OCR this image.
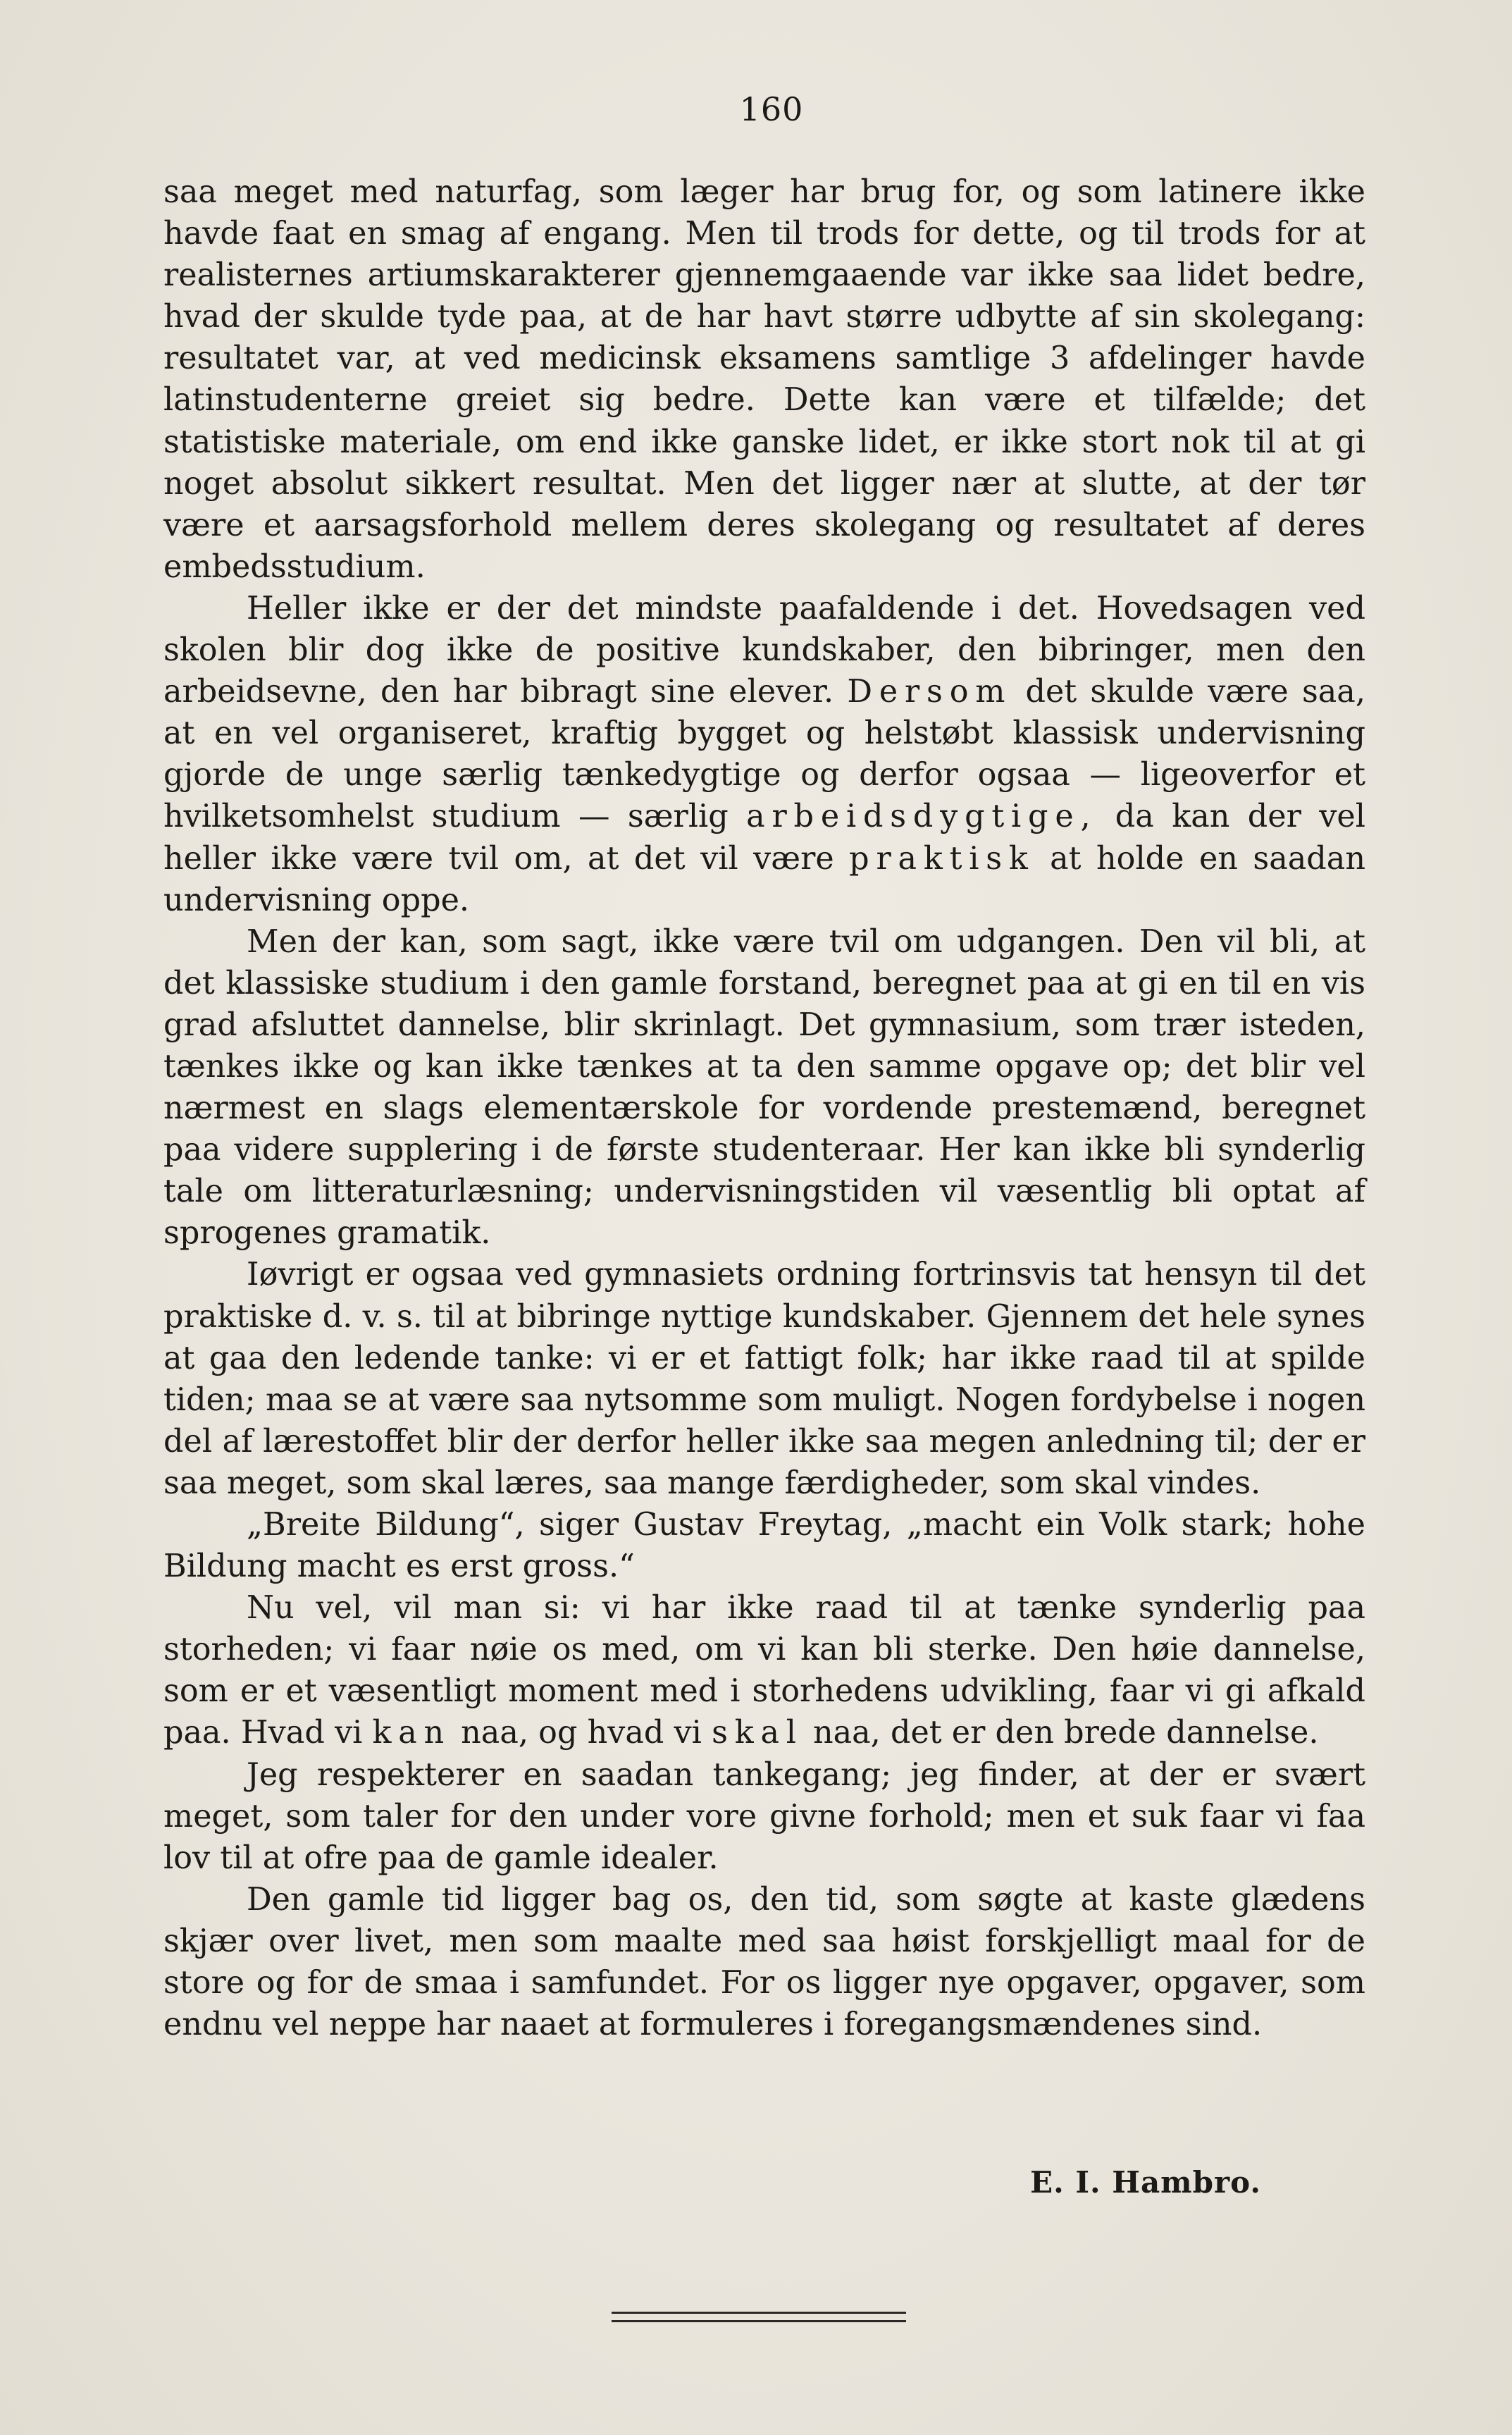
160

saa meget med naturfag, som læger har brug for, og som latinere ikke havde faat en smag af engang. Men til trods for dette, og til trods for at realisternes artiumskarakterer gjennemgaaende var ikke saa lidet bedre, hvad der skulde tyde paa, at de har havt større udbytte af sin skolegang: resultatet var, at ved medicinsk eksamens samtlige 3 afdelinger havde latinstudenterne greiet sig bedre. Dette kan være et tilfælde; det statistiske materiale, om end ikke ganske lidet, er ikke stort nok til at gi noget absolut sikkert resultat. Men det ligger nær at slutte, at der tør være et aarsagsforhold mellem deres skolegang og resultatet af deres embedsstudium.

Heller ikke er der det mindste paafaldende i det. Hovedsagen ved skolen blir dog ikke de positive kundskaber, den bibringer, men den arbeidsevne, den har bibragt sine elever. Dersom det skulde være saa, at en vel organiseret, kraftig bygget og helstøbt klassisk undervisning gjorde de unge særlig tænkedygtige og derfor ogsaa — ligeoverfor et hvilketsomhelst studium — særlig arbeidsdygtige, da kan der vel heller ikke være tvil om, at det vil være praktisk at holde en saadan undervisning oppe.

Men der kan, som sagt, ikke være tvil om udgangen. Den vil bli, at det klassiske studium i den gamle forstand, beregnet paa at gi en til en vis grad afsluttet dannelse, blir skrinlagt. Det gymnasium, som trær isteden, tænkes ikke og kan ikke tænkes at ta den samme opgave op; det blir vel nærmest en slags elementærskole for vordende prestemænd, beregnet paa videre supplering i de første studenteraar. Her kan ikke bli synderlig tale om litteraturlæsning; undervisningstiden vil væsentlig bli optat af sprogenes gramatik.

Iøvrigt er ogsaa ved gymnasiets ordning fortrinsvis tat hensyn til det praktiske d. v. s. til at bibringe nyttige kundskaber. Gjennem det hele synes at gaa den ledende tanke: vi er et fattigt folk; har ikke raad til at spilde tiden; maa se at være saa nytsomme som muligt. Nogen fordybelse i nogen del af lærestoffet blir der derfor heller ikke saa megen anledning til; der er saa meget, som skal læres, saa mange færdigheder, som skal vindes.

„Breite Bildung“, siger Gustav Freytag, „macht ein Volk stark; hohe Bildung macht es erst gross.“

Nu vel, vil man si: vi har ikke raad til at tænke synderlig paa storheden; vi faar nøie os med, om vi kan bli sterke. Den høie dannelse, som er et væsentligt moment med i storhedens udvikling, faar vi gi afkald paa. Hvad vi kan naa, og hvad vi skal naa, det er den brede dannelse.

Jeg respekterer en saadan tankegang; jeg finder, at der er svært meget, som taler for den under vore givne forhold; men et suk faar vi faa lov til at ofre paa de gamle idealer.

Den gamle tid ligger bag os, den tid, som søgte at kaste glædens skjær over livet, men som maalte med saa høist forskjelligt maal for de store og for de smaa i samfundet. For os ligger nye opgaver, opgaver, som endnu vel neppe har naaet at formuleres i foregangsmændenes sind.

E. I. Hambro.
